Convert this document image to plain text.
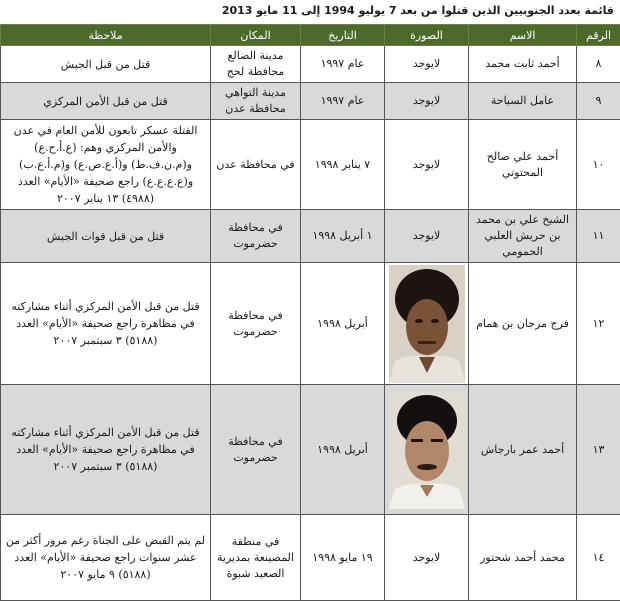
قائمة بعدد الجنوبيين الذين قتلوا من بعد 7 يوليو 1994 إلى 11 مايو 2013
الرقم	الاسم	الصورة	التاريخ	المكان	ملاحظة
٨	أحمد ثابت محمد	لايوجد	عام ١٩٩٧	مدينة الضالع محافظة لحج	قتل من قبل الجيش
٩	عامل السياحة	لايوجد	عام ١٩٩٧	مدينة التواهي محافظة عدن	قتل من قبل الأمن المركزي
١٠	أحمد علي صالح المحتوتي	لايوجد	٧ يناير ١٩٩٨	في محافظة عدن	القتلة عسكر تابعون للأمن العام في عدن والأمن المركزي وهم: (ع.أ.ح.ع) و(م.ن.ف.ط) و(أ.ع.ص.ع) و(م.أ.ع.ب) و(ع.ع.ع.ع) راجع صحيفة «الأيام» العدد (٤٩٨٨) ١٣ يناير ٢٠٠٧
١١	الشيخ علي بن محمد بن حريش العلبي الحمومي	لايوجد	١ أبريل ١٩٩٨	في محافظة حضرموت	قتل من قبل قوات الجيش
١٢	فرج مرجان بن همام		أبريل ١٩٩٨	في محافظة حضرموت	قتل من قبل الأمن المركزي أثناء مشاركته في مظاهرة راجع صحيفة «الأيام» العدد (٥١٨٨) ٣ سبتمبر ٢٠٠٧
١٣	أحمد عمر بارجاش		أبريل ١٩٩٨	في محافظة حضرموت	قتل من قبل الأمن المركزي أثناء مشاركته في مظاهرة راجع صحيفة «الأيام» العدد (٥١٨٨) ٣ سبتمبر ٢٠٠٧
١٤	محمد أحمد شحتور	لايوجد	١٩ مايو ١٩٩٨	في منطقة المصينعة بمديرية الصعيد شبوة	لم يتم القبض على الجناة رغم مرور أكثر من عشر سنوات راجع صحيفة «الأيام» العدد (٥١٨٨) ٩ مايو ٢٠٠٧
